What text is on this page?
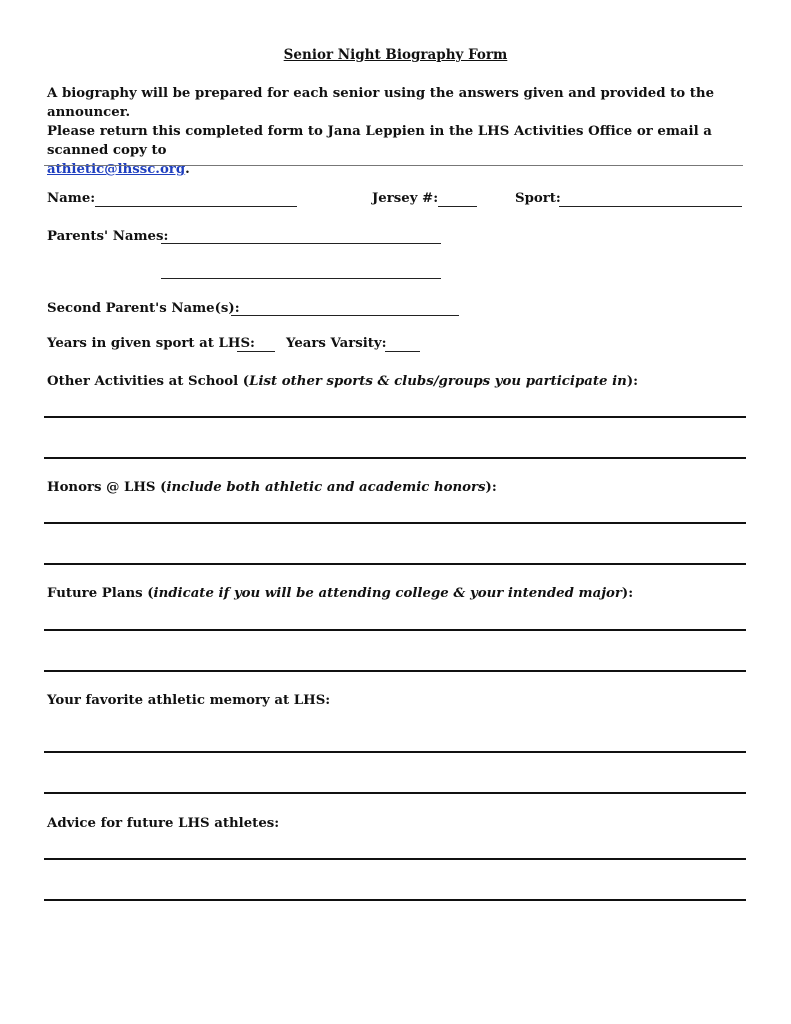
Senior Night Biography Form
A biography will be prepared for each senior using the answers given and provided to the announcer.
Please return this completed form to Jana Leppien in the LHS Activities Office or email a scanned copy to
athletic@lhssc.org.
Name:	Jersey #:	Sport:
Parents' Names:
Second Parent's Name(s):
Years in given sport at LHS: Years Varsity:
Other Activities at School (List other sports & clubs/groups you participate in):
Honors @ LHS (include both athletic and academic honors):
Future Plans (indicate if you will be attending college & your intended major):
Your favorite athletic memory at LHS:
Advice for future LHS athletes:
